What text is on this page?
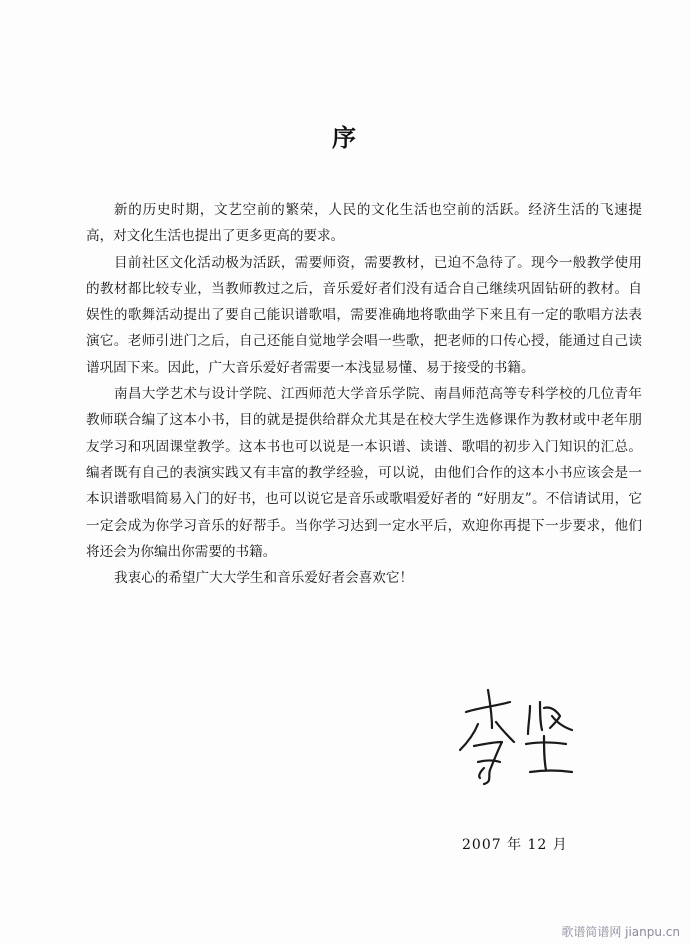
序

新的历史时期，文艺空前的繁荣，人民的文化生活也空前的活跃。经济生活的飞速提高，对文化生活也提出了更多更高的要求。

目前社区文化活动极为活跃，需要师资，需要教材，已迫不急待了。现今一般教学使用的教材都比较专业，当教师教过之后，音乐爱好者们没有适合自己继续巩固钻研的教材。自娱性的歌舞活动提出了要自己能识谱歌唱，需要准确地将歌曲学下来且有一定的歌唱方法表演它。老师引进门之后，自己还能自觉地学会唱一些歌，把老师的口传心授，能通过自己读谱巩固下来。因此，广大音乐爱好者需要一本浅显易懂、易于接受的书籍。

南昌大学艺术与设计学院、江西师范大学音乐学院、南昌师范高等专科学校的几位青年教师联合编了这本小书，目的就是提供给群众尤其是在校大学生选修课作为教材或中老年朋友学习和巩固课堂教学。这本书也可以说是一本识谱、读谱、歌唱的初步入门知识的汇总。编者既有自己的表演实践又有丰富的教学经验，可以说，由他们合作的这本小书应该会是一本识谱歌唱简易入门的好书，也可以说它是音乐或歌唱爱好者的 “好朋友”。不信请试用，它一定会成为你学习音乐的好帮手。当你学习达到一定水平后，欢迎你再提下一步要求，他们将还会为你编出你需要的书籍。

我衷心的希望广大大学生和音乐爱好者会喜欢它！

2007 年 12 月
歌谱简谱网 jianpu.cn
